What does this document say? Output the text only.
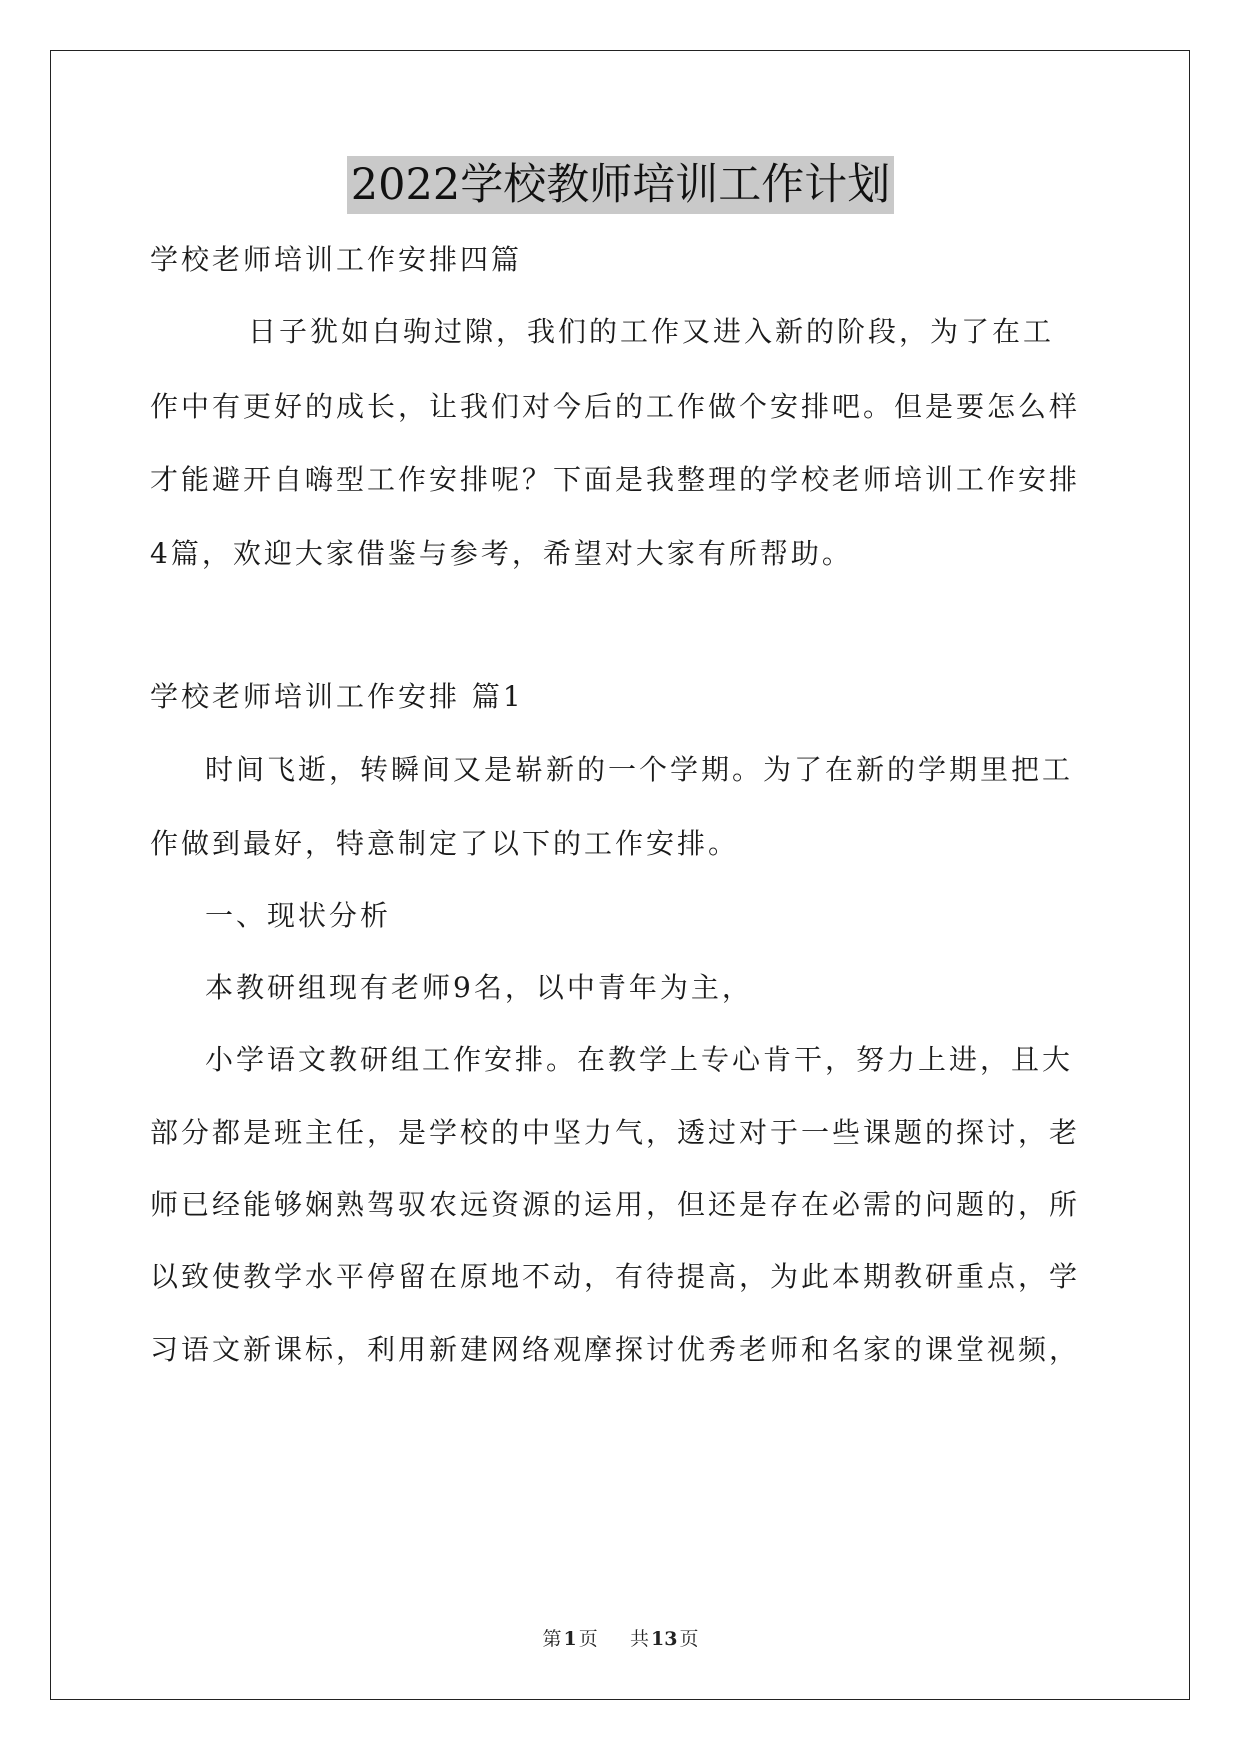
2022学校教师培训工作计划
学校老师培训工作安排四篇
日子犹如白驹过隙，我们的工作又进入新的阶段，为了在工
作中有更好的成长，让我们对今后的工作做个安排吧。但是要怎么样
才能避开自嗨型工作安排呢？下面是我整理的学校老师培训工作安排
4篇，欢迎大家借鉴与参考，希望对大家有所帮助。
学校老师培训工作安排 篇1
时间飞逝，转瞬间又是崭新的一个学期。为了在新的学期里把工
作做到最好，特意制定了以下的工作安排。
一、现状分析
本教研组现有老师9名，以中青年为主，
小学语文教研组工作安排。在教学上专心肯干，努力上进，且大
部分都是班主任，是学校的中坚力气，透过对于一些课题的探讨，老
师已经能够娴熟驾驭农远资源的运用，但还是存在必需的问题的，所
以致使教学水平停留在原地不动，有待提高，为此本期教研重点，学
习语文新课标，利用新建网络观摩探讨优秀老师和名家的课堂视频，
第 1 页 共 13 页
